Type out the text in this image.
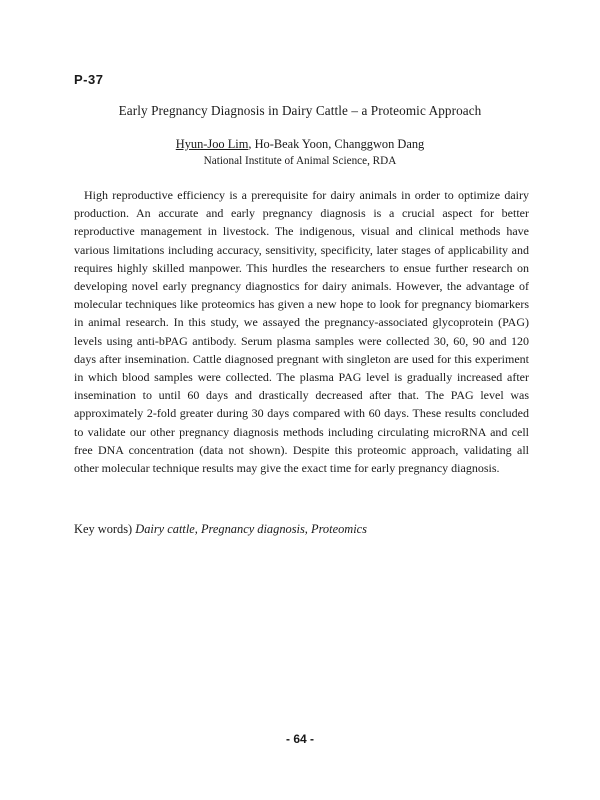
P-37
Early Pregnancy Diagnosis in Dairy Cattle – a Proteomic Approach
Hyun-Joo Lim, Ho-Beak Yoon, Changgwon Dang
National Institute of Animal Science, RDA

High reproductive efficiency is a prerequisite for dairy animals in order to optimize dairy production. An accurate and early pregnancy diagnosis is a crucial aspect for better reproductive management in livestock. The indigenous, visual and clinical methods have various limitations including accuracy, sensitivity, specificity, later stages of applicability and requires highly skilled manpower. This hurdles the researchers to ensue further research on developing novel early pregnancy diagnostics for dairy animals. However, the advantage of molecular techniques like proteomics has given a new hope to look for pregnancy biomarkers in animal research. In this study, we assayed the pregnancy-associated glycoprotein (PAG) levels using anti-bPAG antibody. Serum plasma samples were collected 30, 60, 90 and 120 days after insemination. Cattle diagnosed pregnant with singleton are used for this experiment in which blood samples were collected. The plasma PAG level is gradually increased after insemination to until 60 days and drastically decreased after that. The PAG level was approximately 2-fold greater during 30 days compared with 60 days. These results concluded to validate our other pregnancy diagnosis methods including circulating microRNA and cell free DNA concentration (data not shown). Despite this proteomic approach, validating all other molecular technique results may give the exact time for early pregnancy diagnosis.

Key words) Dairy cattle, Pregnancy diagnosis, Proteomics
- 64 -
